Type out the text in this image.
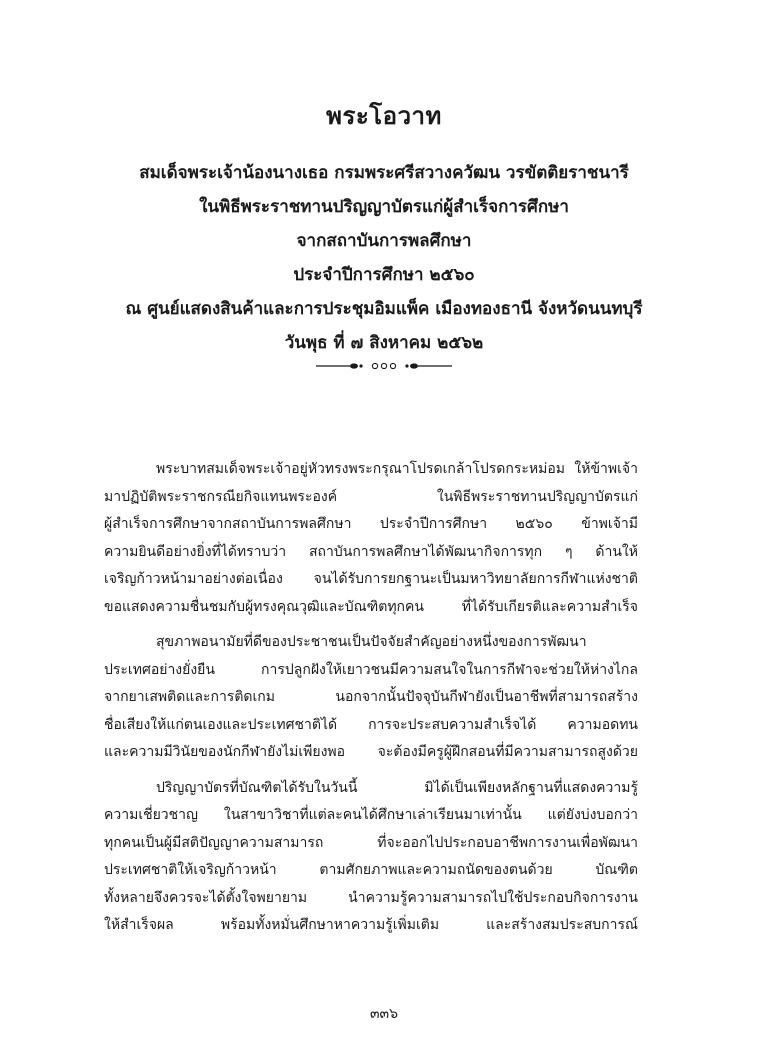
พระโอวาท
สมเด็จพระเจ้าน้องนางเธอ กรมพระศรีสวางควัฒน วรขัตติยราชนารี
ในพิธีพระราชทานปริญญาบัตรแก่ผู้สำเร็จการศึกษา
จากสถาบันการพลศึกษา
ประจำปีการศึกษา ๒๕๖๐
ณ ศูนย์แสดงสินค้าและการประชุมอิมแพ็ค เมืองทองธานี จังหวัดนนทบุรี
วันพุธ ที่ ๗ สิงหาคม ๒๕๖๒
พระบาทสมเด็จพระเจ้าอยู่หัวทรงพระกรุณาโปรดเกล้าโปรดกระหม่อม ให้ข้าพเจ้า
มาปฏิบัติพระราชกรณียกิจแทนพระองค์ ในพิธีพระราชทานปริญญาบัตรแก่
ผู้สำเร็จการศึกษาจากสถาบันการพลศึกษา ประจำปีการศึกษา ๒๕๖๐ ข้าพเจ้ามี
ความยินดีอย่างยิ่งที่ได้ทราบว่า สถาบันการพลศึกษาได้พัฒนากิจการทุก ๆ ด้านให้
เจริญก้าวหน้ามาอย่างต่อเนื่อง จนได้รับการยกฐานะเป็นมหาวิทยาลัยการกีฬาแห่งชาติ
ขอแสดงความชื่นชมกับผู้ทรงคุณวุฒิและบัณฑิตทุกคน ที่ได้รับเกียรติและความสำเร็จ
สุขภาพอนามัยที่ดีของประชาชนเป็นปัจจัยสำคัญอย่างหนึ่งของการพัฒนา
ประเทศอย่างยั่งยืน การปลูกฝังให้เยาวชนมีความสนใจในการกีฬาจะช่วยให้ห่างไกล
จากยาเสพติดและการติดเกม นอกจากนั้นปัจจุบันกีฬายังเป็นอาชีพที่สามารถสร้าง
ชื่อเสียงให้แก่ตนเองและประเทศชาติได้ การจะประสบความสำเร็จได้ ความอดทน
และความมีวินัยของนักกีฬายังไม่เพียงพอ จะต้องมีครูผู้ฝึกสอนที่มีความสามารถสูงด้วย
ปริญญาบัตรที่บัณฑิตได้รับในวันนี้ มิได้เป็นเพียงหลักฐานที่แสดงความรู้
ความเชี่ยวชาญ ในสาขาวิชาที่แต่ละคนได้ศึกษาเล่าเรียนมาเท่านั้น แต่ยังบ่งบอกว่า
ทุกคนเป็นผู้มีสติปัญญาความสามารถ ที่จะออกไปประกอบอาชีพการงานเพื่อพัฒนา
ประเทศชาติให้เจริญก้าวหน้า ตามศักยภาพและความถนัดของตนด้วย บัณฑิต
ทั้งหลายจึงควรจะได้ตั้งใจพยายาม นำความรู้ความสามารถไปใช้ประกอบกิจการงาน
ให้สำเร็จผล พร้อมทั้งหมั่นศึกษาหาความรู้เพิ่มเติม และสร้างสมประสบการณ์
๓๓๖
